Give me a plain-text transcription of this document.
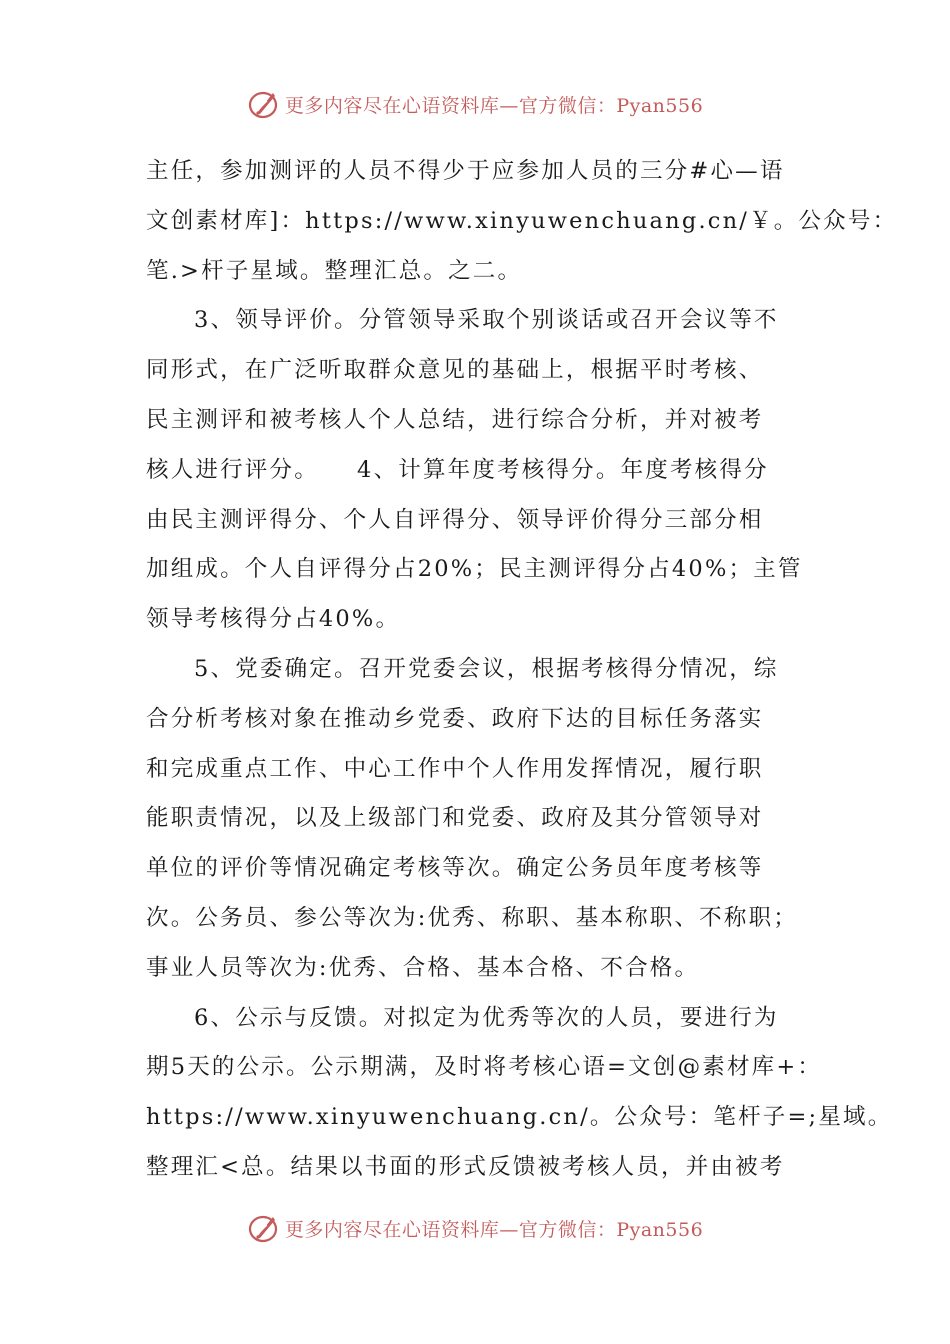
更多内容尽在心语资料库—官方微信：Pyan556
主任，参加测评的人员不得少于应参加人员的三分#心—语
文创素材库]：https://www.xinyuwenchuang.cn/￥。公众号：
笔.>杆子星域。整理汇总。之二。
3、领导评价。分管领导采取个别谈话或召开会议等不
同形式，在广泛听取群众意见的基础上，根据平时考核、
民主测评和被考核人个人总结，进行综合分析，并对被考
核人进行评分。　　4、计算年度考核得分。年度考核得分
由民主测评得分、个人自评得分、领导评价得分三部分相
加组成。个人自评得分占20%；民主测评得分占40%；主管
领导考核得分占40%。
5、党委确定。召开党委会议，根据考核得分情况，综
合分析考核对象在推动乡党委、政府下达的目标任务落实
和完成重点工作、中心工作中个人作用发挥情况，履行职
能职责情况，以及上级部门和党委、政府及其分管领导对
单位的评价等情况确定考核等次。确定公务员年度考核等
次。公务员、参公等次为:优秀、称职、基本称职、不称职；
事业人员等次为:优秀、合格、基本合格、不合格。
6、公示与反馈。对拟定为优秀等次的人员，要进行为
期5天的公示。公示期满，及时将考核心语=文创@素材库+：
https://www.xinyuwenchuang.cn/。公众号：笔杆子=;星域。
整理汇<总。结果以书面的形式反馈被考核人员，并由被考
更多内容尽在心语资料库—官方微信：Pyan556
